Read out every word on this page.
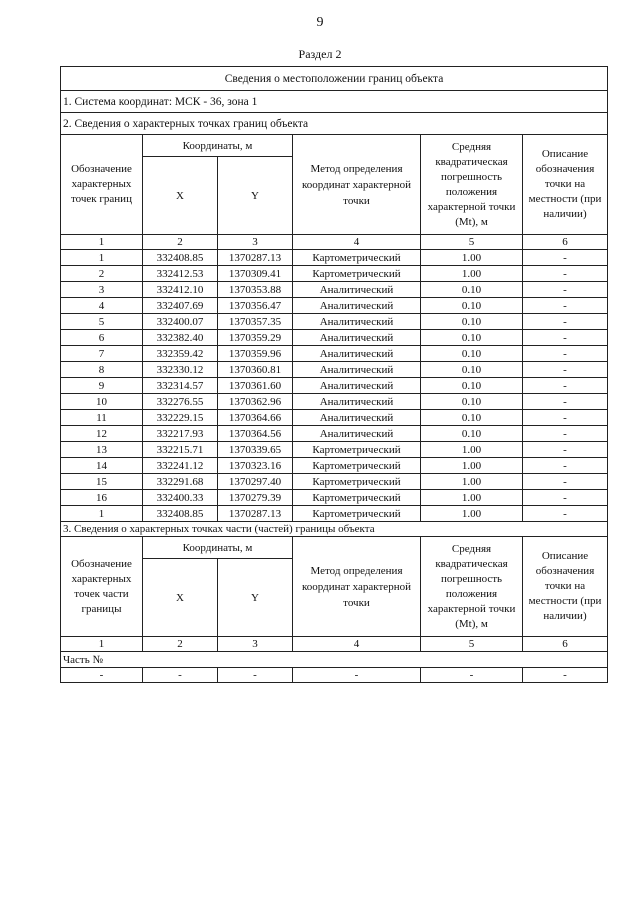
9
Раздел 2
Сведения о местоположении границ объекта					
1. Система координат: МСК - 36, зона 1					
2. Сведения о характерных точках границ объекта					
Обозначение характерных точек границ	Координаты, м		Метод определения координат характерной точки	Средняя квадратическая погрешность положения характерной точки (Mt), м	Описание обозначения точки на местности (при наличии)
	X	Y			
1	2	3	4	5	6
1	332408.85	1370287.13	Картометрический	1.00	-
2	332412.53	1370309.41	Картометрический	1.00	-
3	332412.10	1370353.88	Аналитический	0.10	-
4	332407.69	1370356.47	Аналитический	0.10	-
5	332400.07	1370357.35	Аналитический	0.10	-
6	332382.40	1370359.29	Аналитический	0.10	-
7	332359.42	1370359.96	Аналитический	0.10	-
8	332330.12	1370360.81	Аналитический	0.10	-
9	332314.57	1370361.60	Аналитический	0.10	-
10	332276.55	1370362.96	Аналитический	0.10	-
11	332229.15	1370364.66	Аналитический	0.10	-
12	332217.93	1370364.56	Аналитический	0.10	-
13	332215.71	1370339.65	Картометрический	1.00	-
14	332241.12	1370323.16	Картометрический	1.00	-
15	332291.68	1370297.40	Картометрический	1.00	-
16	332400.33	1370279.39	Картометрический	1.00	-
1	332408.85	1370287.13	Картометрический	1.00	-
3. Сведения о характерных точках части (частей) границы объекта					
Обозначение характерных точек части границы	Координаты, м		Метод определения координат характерной точки	Средняя квадратическая погрешность положения характерной точки (Mt), м	Описание обозначения точки на местности (при наличии)
	X	Y			
1	2	3	4	5	6
Часть №					
-	-	-	-	-	-
